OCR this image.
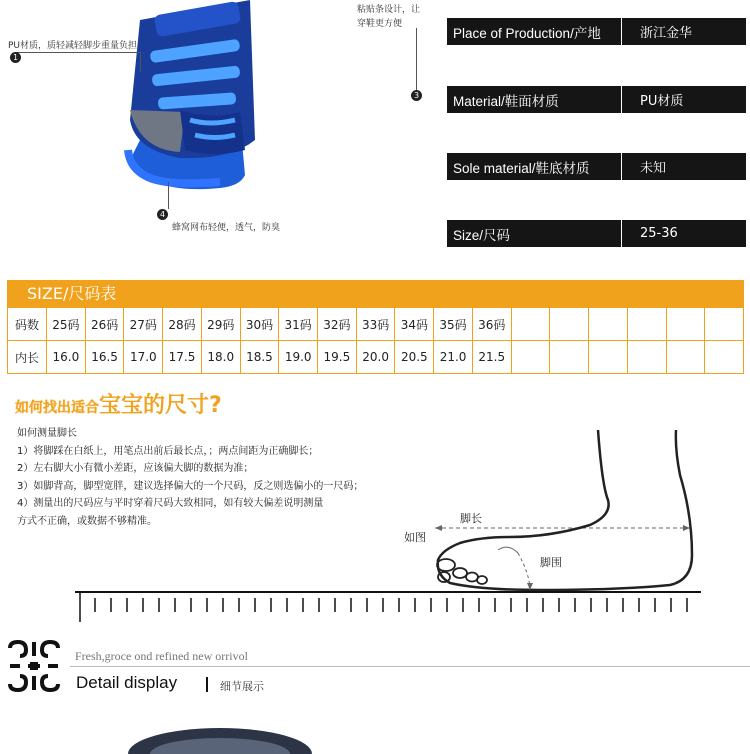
PU材质，质轻减轻脚步重量负担
1
粘贴条设计，让
穿鞋更方便
3
4
蜂窝网布轻便，透气，防臭
Place of Production/产地	浙江金华
Material/鞋面材质	PU材质
Sole material/鞋底材质	未知
Size/尺码	25-36
SIZE/尺码表
码数	25码	26码	27码	28码	29码	30码	31码	32码	33码	34码	35码	36码						
内长	16.0	16.5	17.0	17.5	18.0	18.5	19.0	19.5	20.0	20.5	21.0	21.5						
如何找出适合宝宝的尺寸?
如何测量脚长
1）将脚踩在白纸上，用笔点出前后最长点，；两点间距为正确脚长；
2）左右脚大小有微小差距，应该偏大脚的数据为准；
3）如脚背高，脚型宽胖，建议选择偏大的一个尺码，反之则选偏小的一尺码；
4）测量出的尺码应与平时穿着尺码大致相同，如有较大偏差说明测量
方式不正确，或数据不够精准。	脚长
如图
脚围
Fresh,groce ond refined new orrivol
Detail display	细节展示
